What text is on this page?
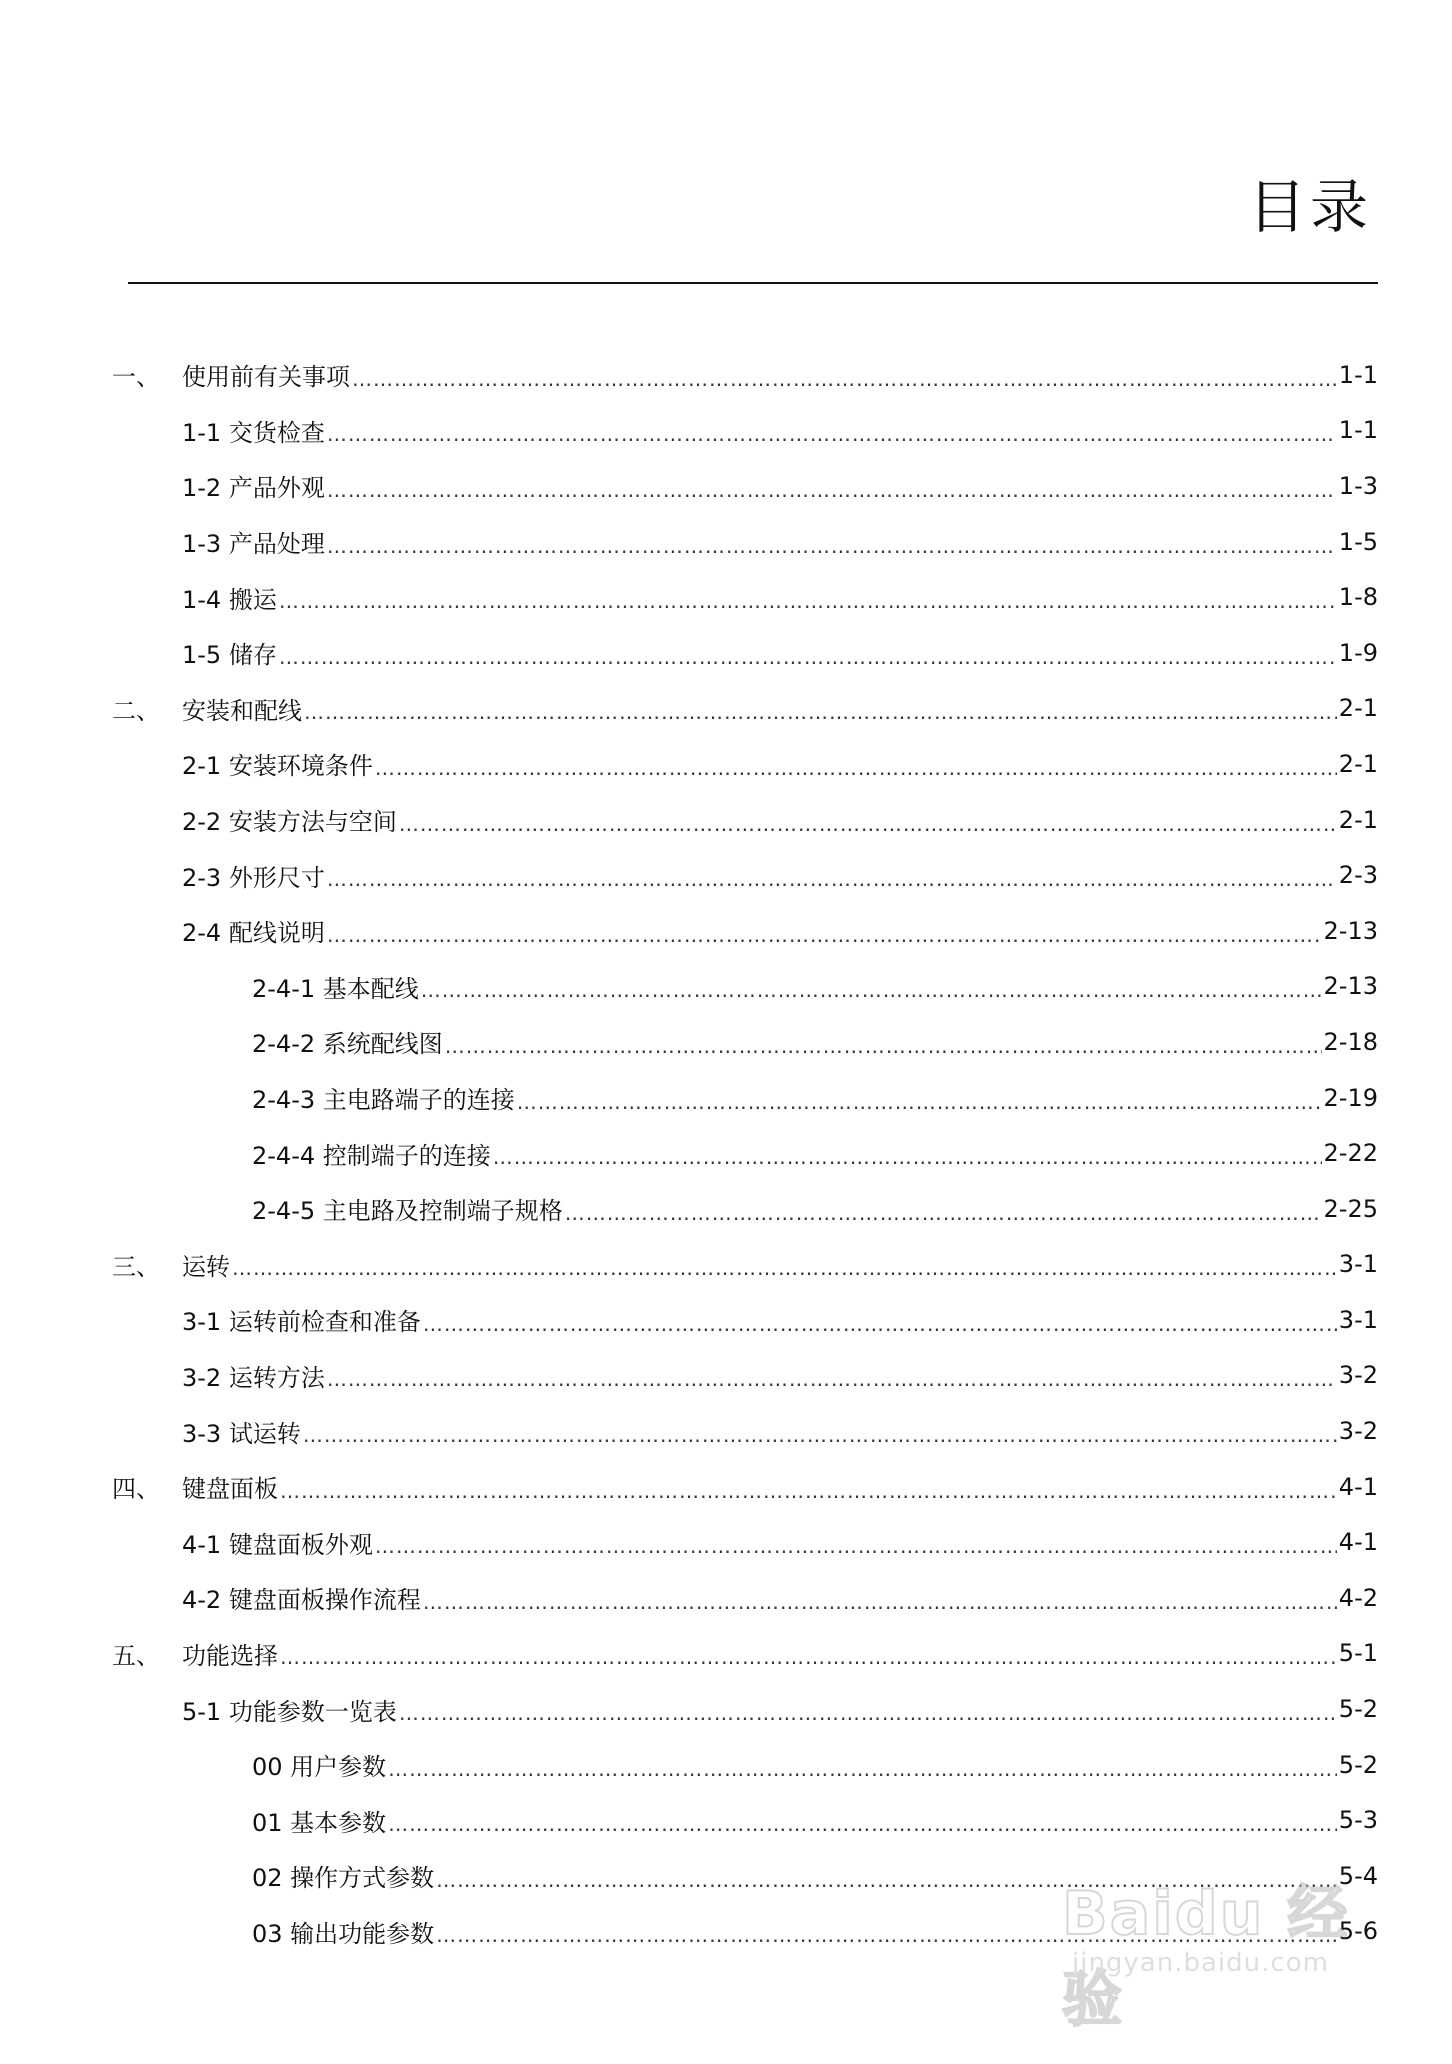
目录
一、 使用前有关事项 …………………………………………………………………………………………………………………………………………………………………………………………………………	1-1
1-1 交货检查 …………………………………………………………………………………………………………………………………………………………………………………………………………	1-1
1-2 产品外观 …………………………………………………………………………………………………………………………………………………………………………………………………………	1-3
1-3 产品处理 …………………………………………………………………………………………………………………………………………………………………………………………………………	1-5
1-4 搬运 …………………………………………………………………………………………………………………………………………………………………………………………………………	1-8
1-5 储存 …………………………………………………………………………………………………………………………………………………………………………………………………………	1-9
二、 安装和配线 …………………………………………………………………………………………………………………………………………………………………………………………………………	2-1
2-1 安装环境条件 …………………………………………………………………………………………………………………………………………………………………………………………………………	2-1
2-2 安装方法与空间 …………………………………………………………………………………………………………………………………………………………………………………………………………	2-1
2-3 外形尺寸 …………………………………………………………………………………………………………………………………………………………………………………………………………	2-3
2-4 配线说明 …………………………………………………………………………………………………………………………………………………………………………………………………………	2-13
2-4-1 基本配线 …………………………………………………………………………………………………………………………………………………………………………………………………………	2-13
2-4-2 系统配线图 …………………………………………………………………………………………………………………………………………………………………………………………………………	2-18
2-4-3 主电路端子的连接 …………………………………………………………………………………………………………………………………………………………………………………………………………	2-19
2-4-4 控制端子的连接 …………………………………………………………………………………………………………………………………………………………………………………………………………	2-22
2-4-5 主电路及控制端子规格 …………………………………………………………………………………………………………………………………………………………………………………………………………	2-25
三、 运转 …………………………………………………………………………………………………………………………………………………………………………………………………………	3-1
3-1 运转前检查和准备 …………………………………………………………………………………………………………………………………………………………………………………………………………	3-1
3-2 运转方法 …………………………………………………………………………………………………………………………………………………………………………………………………………	3-2
3-3 试运转 …………………………………………………………………………………………………………………………………………………………………………………………………………	3-2
四、 键盘面板 …………………………………………………………………………………………………………………………………………………………………………………………………………	4-1
4-1 键盘面板外观 …………………………………………………………………………………………………………………………………………………………………………………………………………	4-1
4-2 键盘面板操作流程 …………………………………………………………………………………………………………………………………………………………………………………………………………	4-2
五、 功能选择 …………………………………………………………………………………………………………………………………………………………………………………………………………	5-1
5-1 功能参数一览表 …………………………………………………………………………………………………………………………………………………………………………………………………………	5-2
00 用户参数 …………………………………………………………………………………………………………………………………………………………………………………………………………	5-2
01 基本参数 …………………………………………………………………………………………………………………………………………………………………………………………………………	5-3
02 操作方式参数 …………………………………………………………………………………………………………………………………………………………………………………………………………	5-4
03 输出功能参数 …………………………………………………………………………………………………………………………………………………………………………………………………………	5-6
Baidu 经验
jingyan.baidu.com
